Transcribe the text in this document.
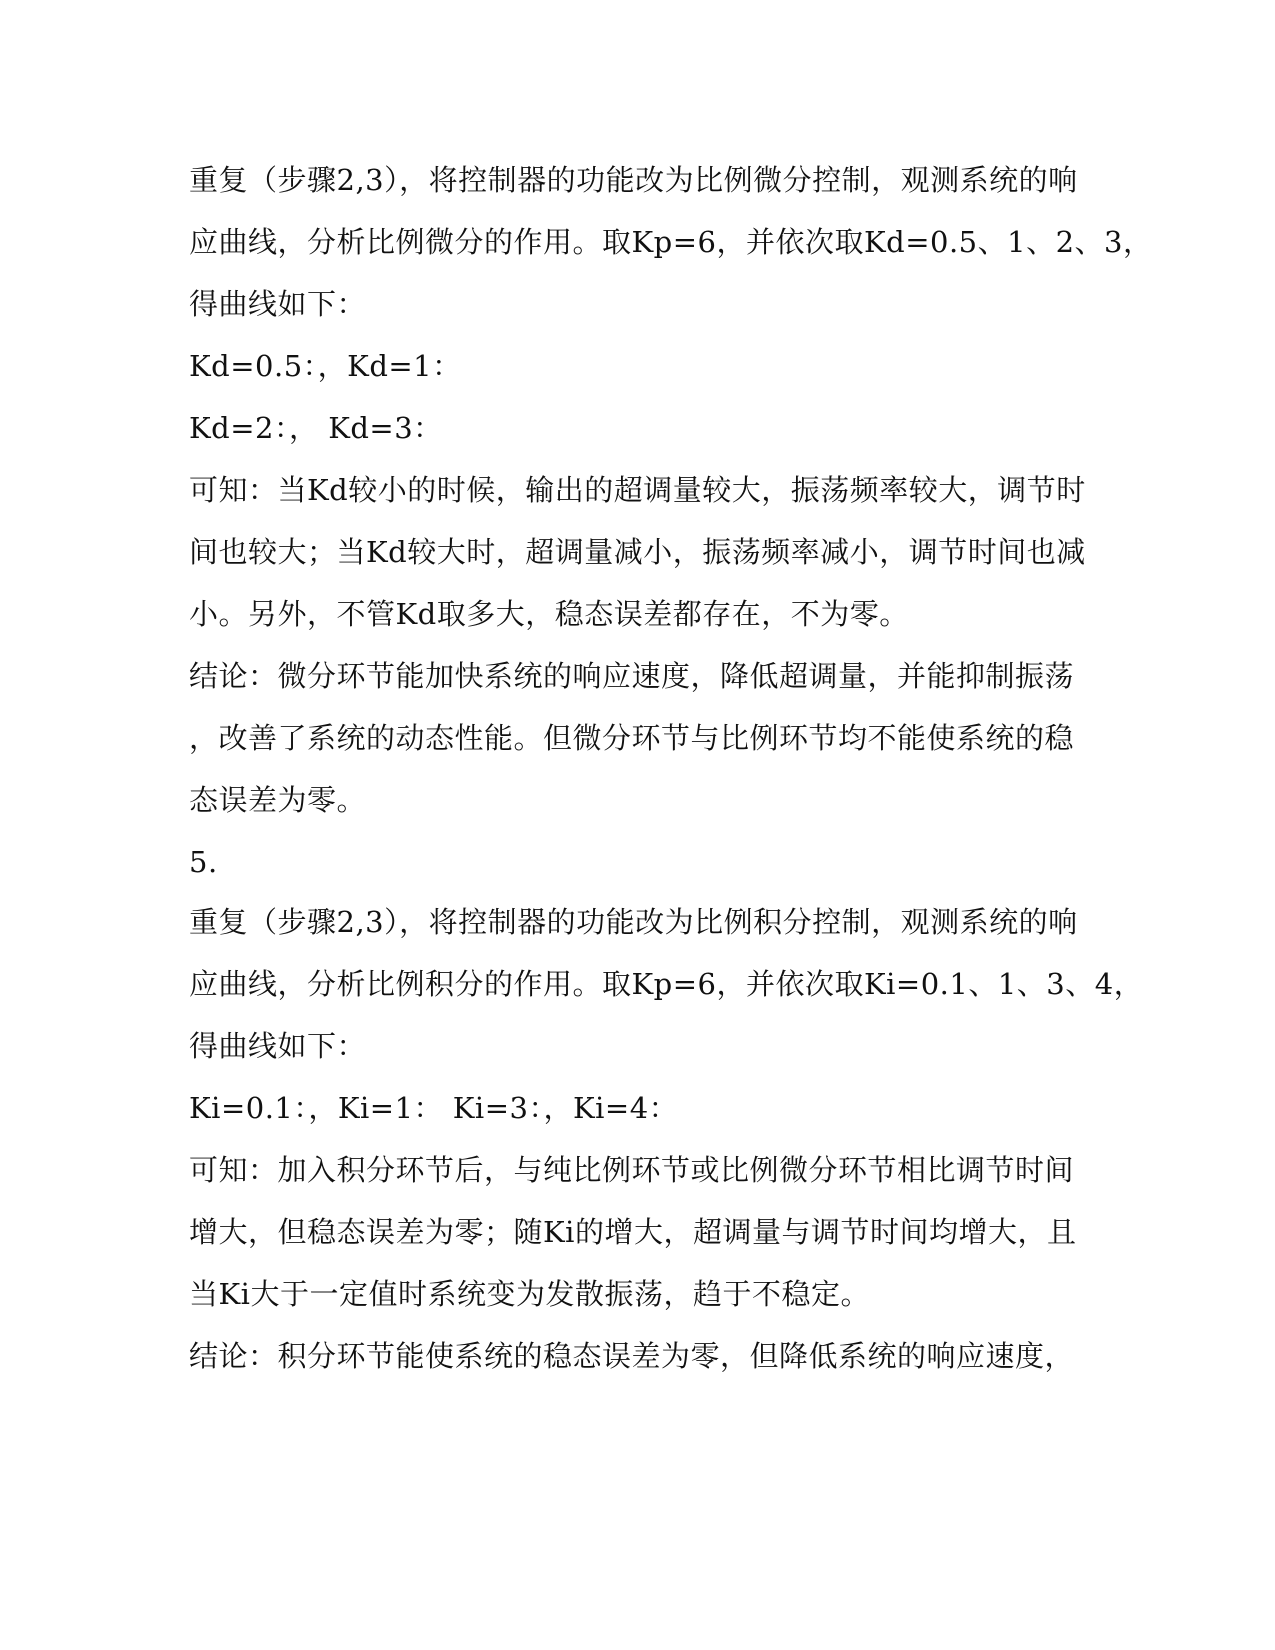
重复（步骤2,3），将控制器的功能改为比例微分控制，观测系统的响
应曲线，分析比例微分的作用。取Kp=6，并依次取Kd=0.5、1、2、3，
得曲线如下：
Kd=0.5：，Kd=1：
Kd=2：， Kd=3：
可知：当Kd较小的时候，输出的超调量较大，振荡频率较大，调节时
间也较大；当Kd较大时，超调量减小，振荡频率减小，调节时间也减
小。另外，不管Kd取多大，稳态误差都存在，不为零。
结论：微分环节能加快系统的响应速度，降低超调量，并能抑制振荡
，改善了系统的动态性能。但微分环节与比例环节均不能使系统的稳
态误差为零。
5.
重复（步骤2,3），将控制器的功能改为比例积分控制，观测系统的响
应曲线，分析比例积分的作用。取Kp=6，并依次取Ki=0.1、1、3、4，
得曲线如下：
Ki=0.1：，Ki=1： Ki=3：，Ki=4：
可知：加入积分环节后，与纯比例环节或比例微分环节相比调节时间
增大，但稳态误差为零；随Ki的增大，超调量与调节时间均增大，且
当Ki大于一定值时系统变为发散振荡，趋于不稳定。
结论：积分环节能使系统的稳态误差为零，但降低系统的响应速度，
